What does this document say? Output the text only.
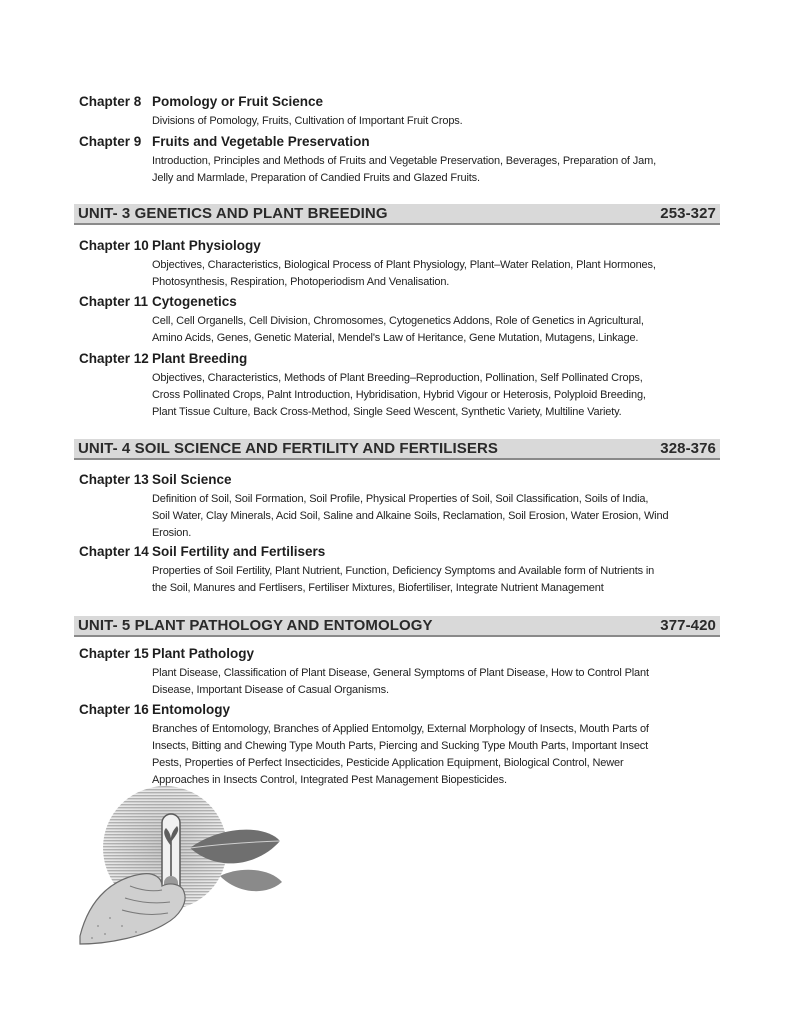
Chapter 8 Pomology or Fruit Science
Divisions of Pomology, Fruits, Cultivation of Important Fruit Crops.
Chapter 9 Fruits and Vegetable Preservation
Introduction, Principles and Methods of Fruits and Vegetable Preservation, Beverages, Preparation of Jam,
Jelly and Marmlade, Preparation of Candied Fruits and Glazed Fruits.
UNIT- 3 GENETICS AND PLANT BREEDING	253-327
Chapter 10 Plant Physiology
Objectives, Characteristics, Biological Process of Plant Physiology, Plant–Water Relation, Plant Hormones,
Photosynthesis, Respiration, Photoperiodism And Venalisation.
Chapter 11 Cytogenetics
Cell, Cell Organells, Cell Division, Chromosomes, Cytogenetics Addons, Role of Genetics in Agricultural,
Amino Acids, Genes, Genetic Material, Mendel's Law of Heritance, Gene Mutation, Mutagens, Linkage.
Chapter 12 Plant Breeding
Objectives, Characteristics, Methods of Plant Breeding–Reproduction, Pollination, Self Pollinated Crops,
Cross Pollinated Crops, Palnt Introduction, Hybridisation, Hybrid Vigour or Heterosis, Polyploid Breeding,
Plant Tissue Culture, Back Cross-Method, Single Seed Wescent, Synthetic Variety, Multiline Variety.
UNIT- 4 SOIL SCIENCE AND FERTILITY AND FERTILISERS	328-376
Chapter 13 Soil Science
Definition of Soil, Soil Formation, Soil Profile, Physical Properties of Soil, Soil Classification, Soils of India,
Soil Water, Clay Minerals, Acid Soil, Saline and Alkaine Soils, Reclamation, Soil Erosion, Water Erosion, Wind
Erosion.
Chapter 14 Soil Fertility and Fertilisers
Properties of Soil Fertility, Plant Nutrient, Function, Deficiency Symptoms and Available form of Nutrients in
the Soil, Manures and Fertlisers, Fertiliser Mixtures, Biofertiliser, Integrate Nutrient Management
UNIT- 5 PLANT PATHOLOGY AND ENTOMOLOGY	377-420
Chapter 15 Plant Pathology
Plant Disease, Classification of Plant Disease, General Symptoms of Plant Disease, How to Control Plant
Disease, Important Disease of Casual Organisms.
Chapter 16 Entomology
Branches of Entomology, Branches of Applied Entomolgy, External Morphology of Insects, Mouth Parts of
Insects, Bitting and Chewing Type Mouth Parts, Piercing and Sucking Type Mouth Parts, Important Insect
Pests, Properties of Perfect Insecticides, Pesticide Application Equipment, Biological Control, Newer
Approaches in Insects Control, Integrated Pest Management Biopesticides.
